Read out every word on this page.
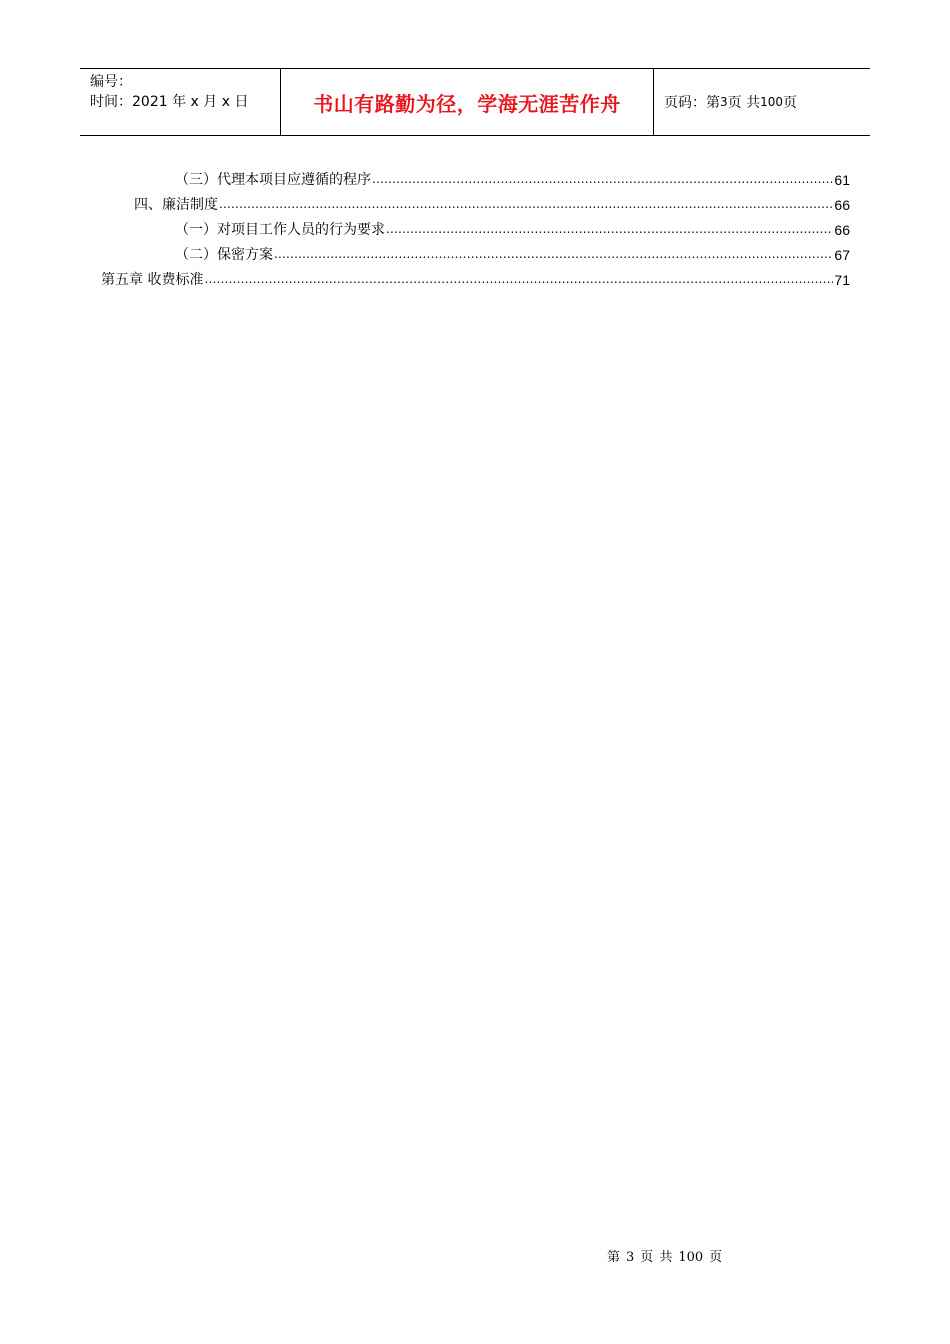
编号：
时间：2021 年 x 月 x 日	书山有路勤为径，学海无涯苦作舟	页码：第 3 页 共 100 页
（三）代理本项目应遵循的程序 .....	61
四、廉洁制度 .....	66
（一）对项目工作人员的行为要求 .....	66
（二）保密方案 .....	67
第五章 收费标准 .....	71
第 3 页 共 100 页
